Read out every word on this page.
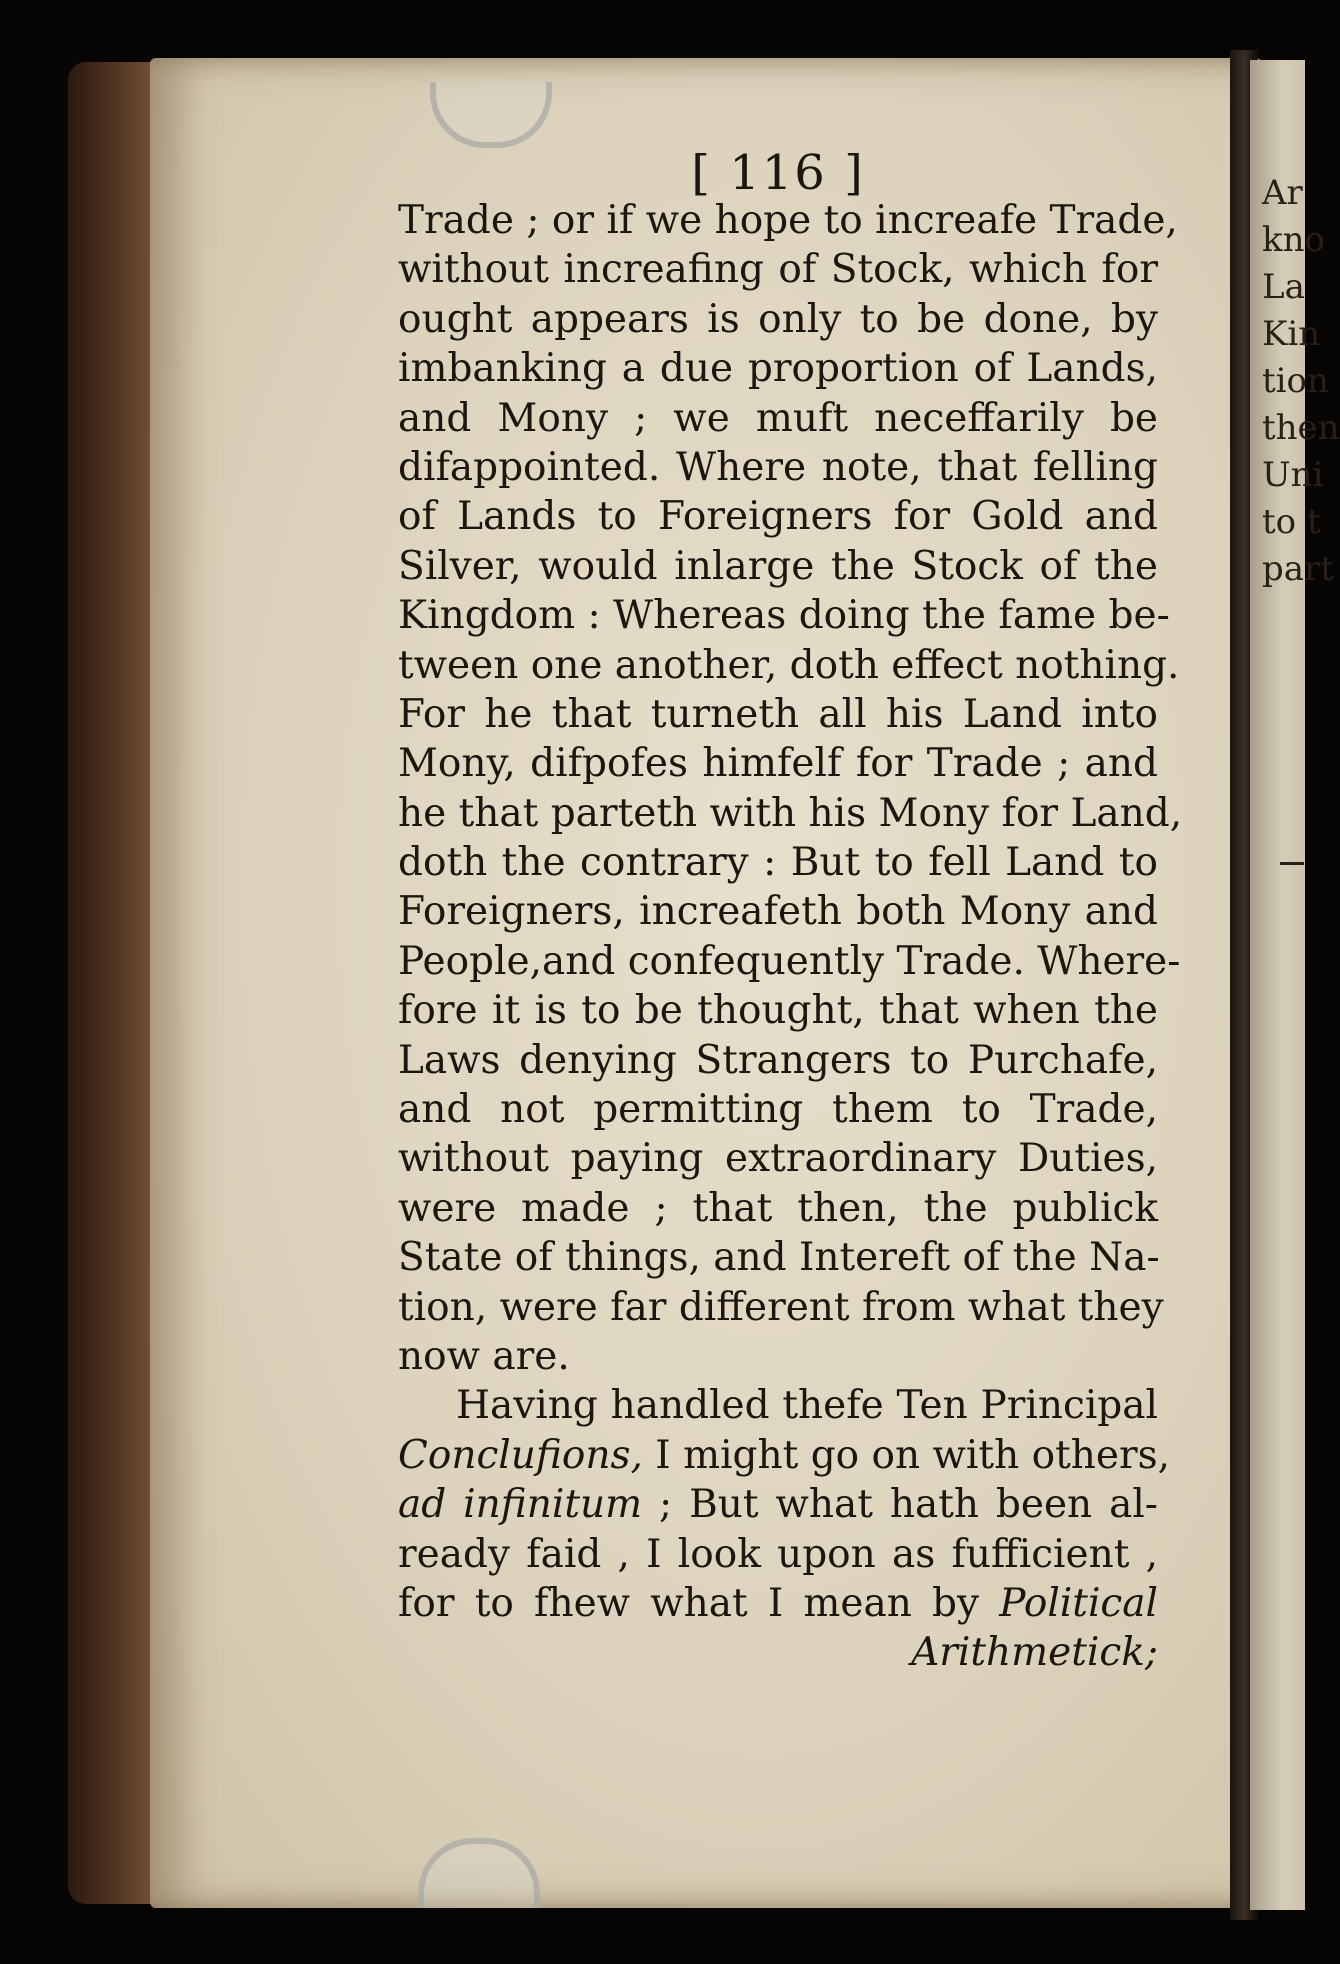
[ 116 ]
Trade ; or if we hope to increafe Trade,
without increafing of Stock, which for
ought appears is only to be done, by
imbanking a due proportion of Lands,
and Mony ; we muft neceffarily be
difappointed. Where note, that felling
of Lands to Foreigners for Gold and
Silver, would inlarge the Stock of the
Kingdom : Whereas doing the fame be-
tween one another, doth effect nothing.
For he that turneth all his Land into
Mony, difpofes himfelf for Trade ; and
he that parteth with his Mony for Land,
doth the contrary : But to fell Land to
Foreigners, increafeth both Mony and
People,and confequently Trade. Where-
fore it is to be thought, that when the
Laws denying Strangers to Purchafe,
and not permitting them to Trade,
without paying extraordinary Duties,
were made ; that then, the publick
State of things, and Intereft of the Na-
tion, were far different from what they
now are.
Having handled thefe Ten Principal
Conclufions, I might go on with others,
ad infinitum ; But what hath been al-
ready faid , I look upon as fufficient ,
for to fhew what I mean by Political
Arithmetick;
Ar
kno
La
Kin
tion
then
Uni
to t
part
